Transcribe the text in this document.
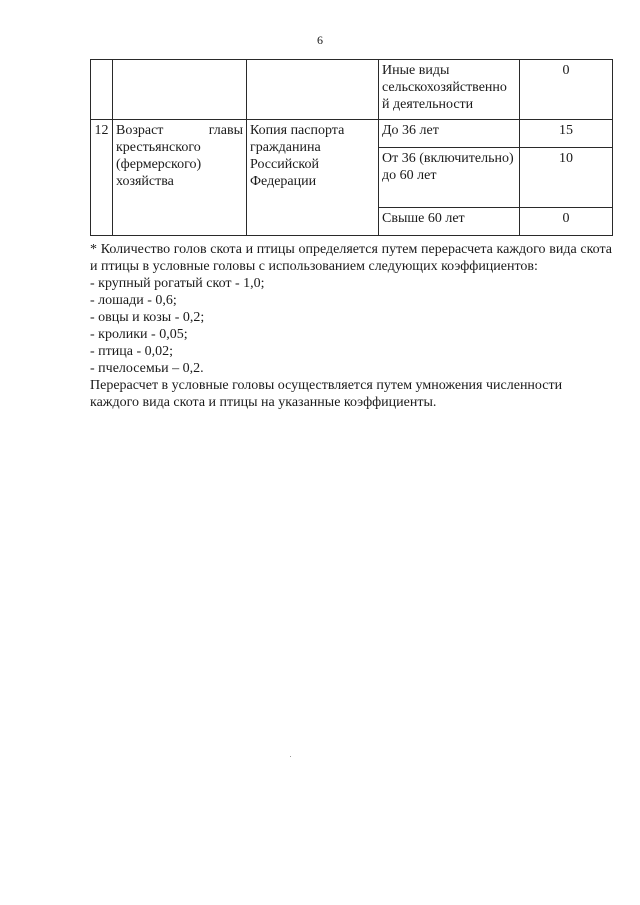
6
			Иные виды сельскохозяйственно й деятельности	0
12	Возраст главы крестьянского (фермерского) хозяйства	Копия паспорта гражданина Российской Федерации	До 36 лет	15
			От 36 (включительно) до 60 лет	10
			Свыше 60 лет	0

* Количество голов скота и птицы определяется путем перерасчета каждого вида скота и птицы в условные головы с использованием следующих коэффициентов:

- крупный рогатый скот - 1,0;

- лошади - 0,6;

- овцы и козы - 0,2;

- кролики - 0,05;

- птица - 0,02;

- пчелосемьи – 0,2.

Перерасчет в условные головы осуществляется путем умножения численности каждого вида скота и птицы на указанные коэффициенты.
